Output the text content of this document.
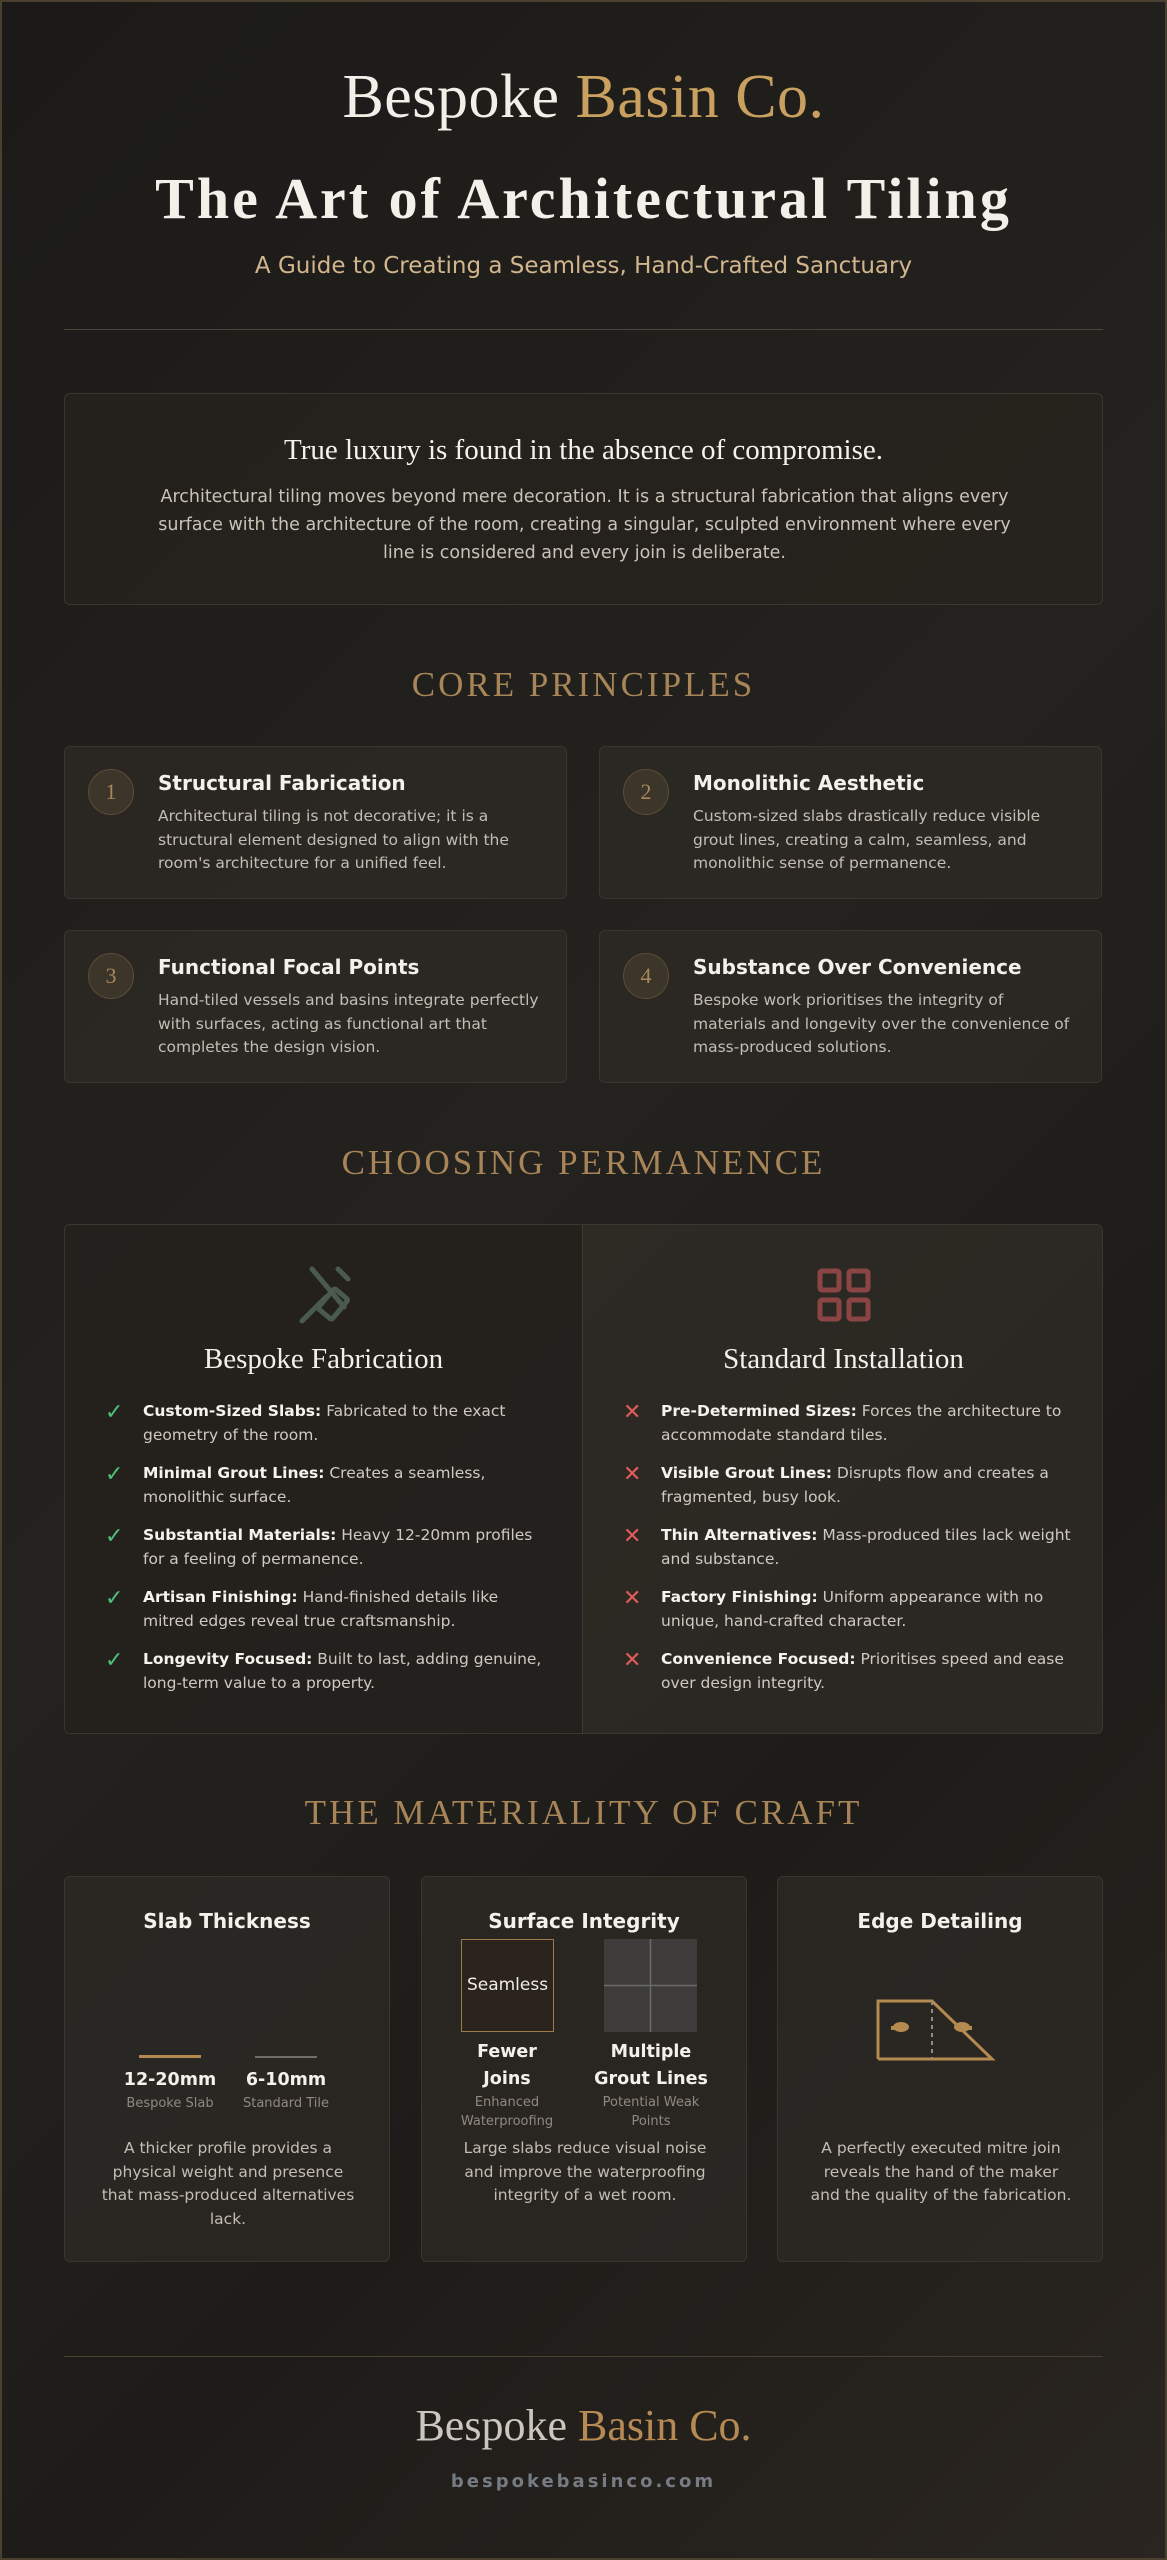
Bespoke Basin Co.
The Art of Architectural Tiling
A Guide to Creating a Seamless, Hand-Crafted Sanctuary
True luxury is found in the absence of compromise.

Architectural tiling moves beyond mere decoration. It is a structural fabrication that aligns every surface with the architecture of the room, creating a singular, sculpted environment where every line is considered and every join is deliberate.

CORE PRINCIPLES
1	Structural Fabrication
Architectural tiling is not decorative; it is a structural element designed to align with the room's architecture for a unified feel.
2	Monolithic Aesthetic
Custom-sized slabs drastically reduce visible grout lines, creating a calm, seamless, and monolithic sense of permanence.
3	Functional Focal Points
Hand-tiled vessels and basins integrate perfectly with surfaces, acting as functional art that completes the design vision.
4	Substance Over Convenience
Bespoke work prioritises the integrity of materials and longevity over the convenience of mass-produced solutions.
CHOOSING PERMANENCE
Bespoke Fabrication
✓	Custom-Sized Slabs: Fabricated to the exact geometry of the room.
✓	Minimal Grout Lines: Creates a seamless, monolithic surface.
✓	Substantial Materials: Heavy 12-20mm profiles for a feeling of permanence.
✓	Artisan Finishing: Hand-finished details like mitred edges reveal true craftsmanship.
✓	Longevity Focused: Built to last, adding genuine, long-term value to a property.
Standard Installation
✕	Pre-Determined Sizes: Forces the architecture to accommodate standard tiles.
✕	Visible Grout Lines: Disrupts flow and creates a fragmented, busy look.
✕	Thin Alternatives: Mass-produced tiles lack weight and substance.
✕	Factory Finishing: Uniform appearance with no unique, hand-crafted character.
✕	Convenience Focused: Prioritises speed and ease over design integrity.
THE MATERIALITY OF CRAFT
Slab Thickness
12-20mm
Bespoke Slab
6-10mm
Standard Tile
A thicker profile provides a physical weight and presence that mass-produced alternatives lack.
Surface Integrity
Seamless
Fewer Joins
Enhanced Waterproofing
Multiple Grout Lines
Potential Weak Points
Large slabs reduce visual noise and improve the waterproofing integrity of a wet room.
Edge Detailing
A perfectly executed mitre join reveals the hand of the maker and the quality of the fabrication.
Bespoke Basin Co.
bespokebasinco.com
